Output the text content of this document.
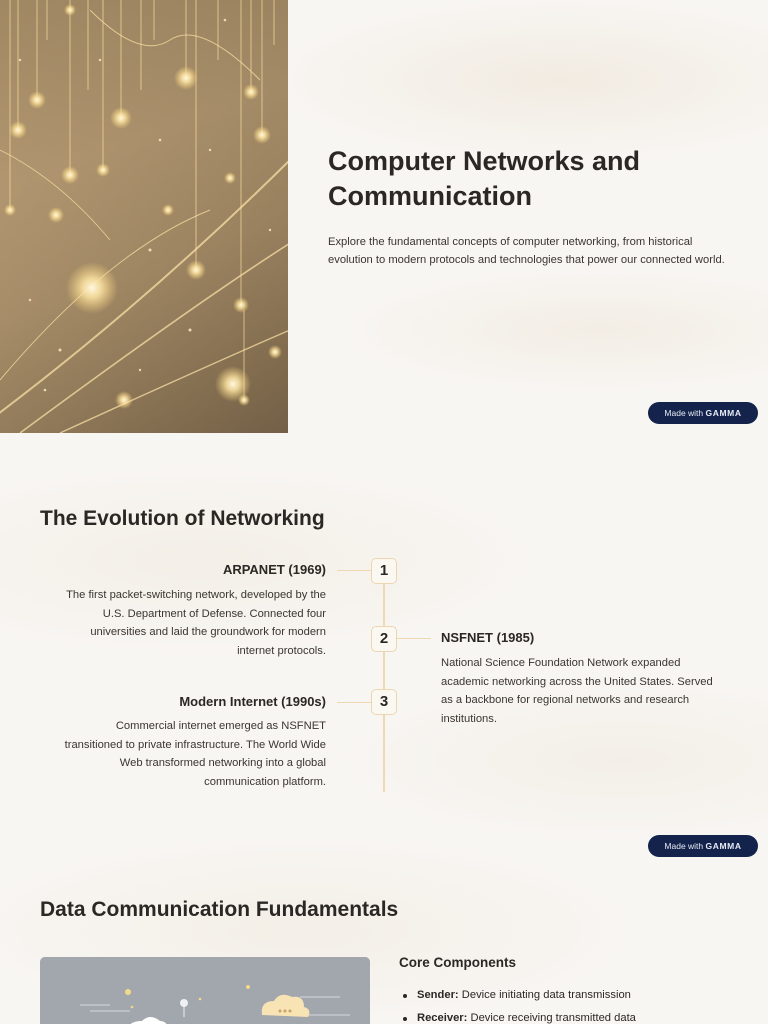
Computer Networks and Communication

Explore the fundamental concepts of computer networking, from historical evolution to modern protocols and technologies that power our connected world.

Made with GAMMA
The Evolution of Networking
1
2
3
ARPANET (1969)
The first packet-switching network, developed by the U.S. Department of Defense. Connected four universities and laid the groundwork for modern internet protocols.
NSFNET (1985)
National Science Foundation Network expanded academic networking across the United States. Served as a backbone for regional networks and research institutions.
Modern Internet (1990s)
Commercial internet emerged as NSFNET transitioned to private infrastructure. The World Wide Web transformed networking into a global communication platform.
Made with GAMMA
Data Communication Fundamentals
Core Components
Sender: Device initiating data transmission
Receiver: Device receiving transmitted data
